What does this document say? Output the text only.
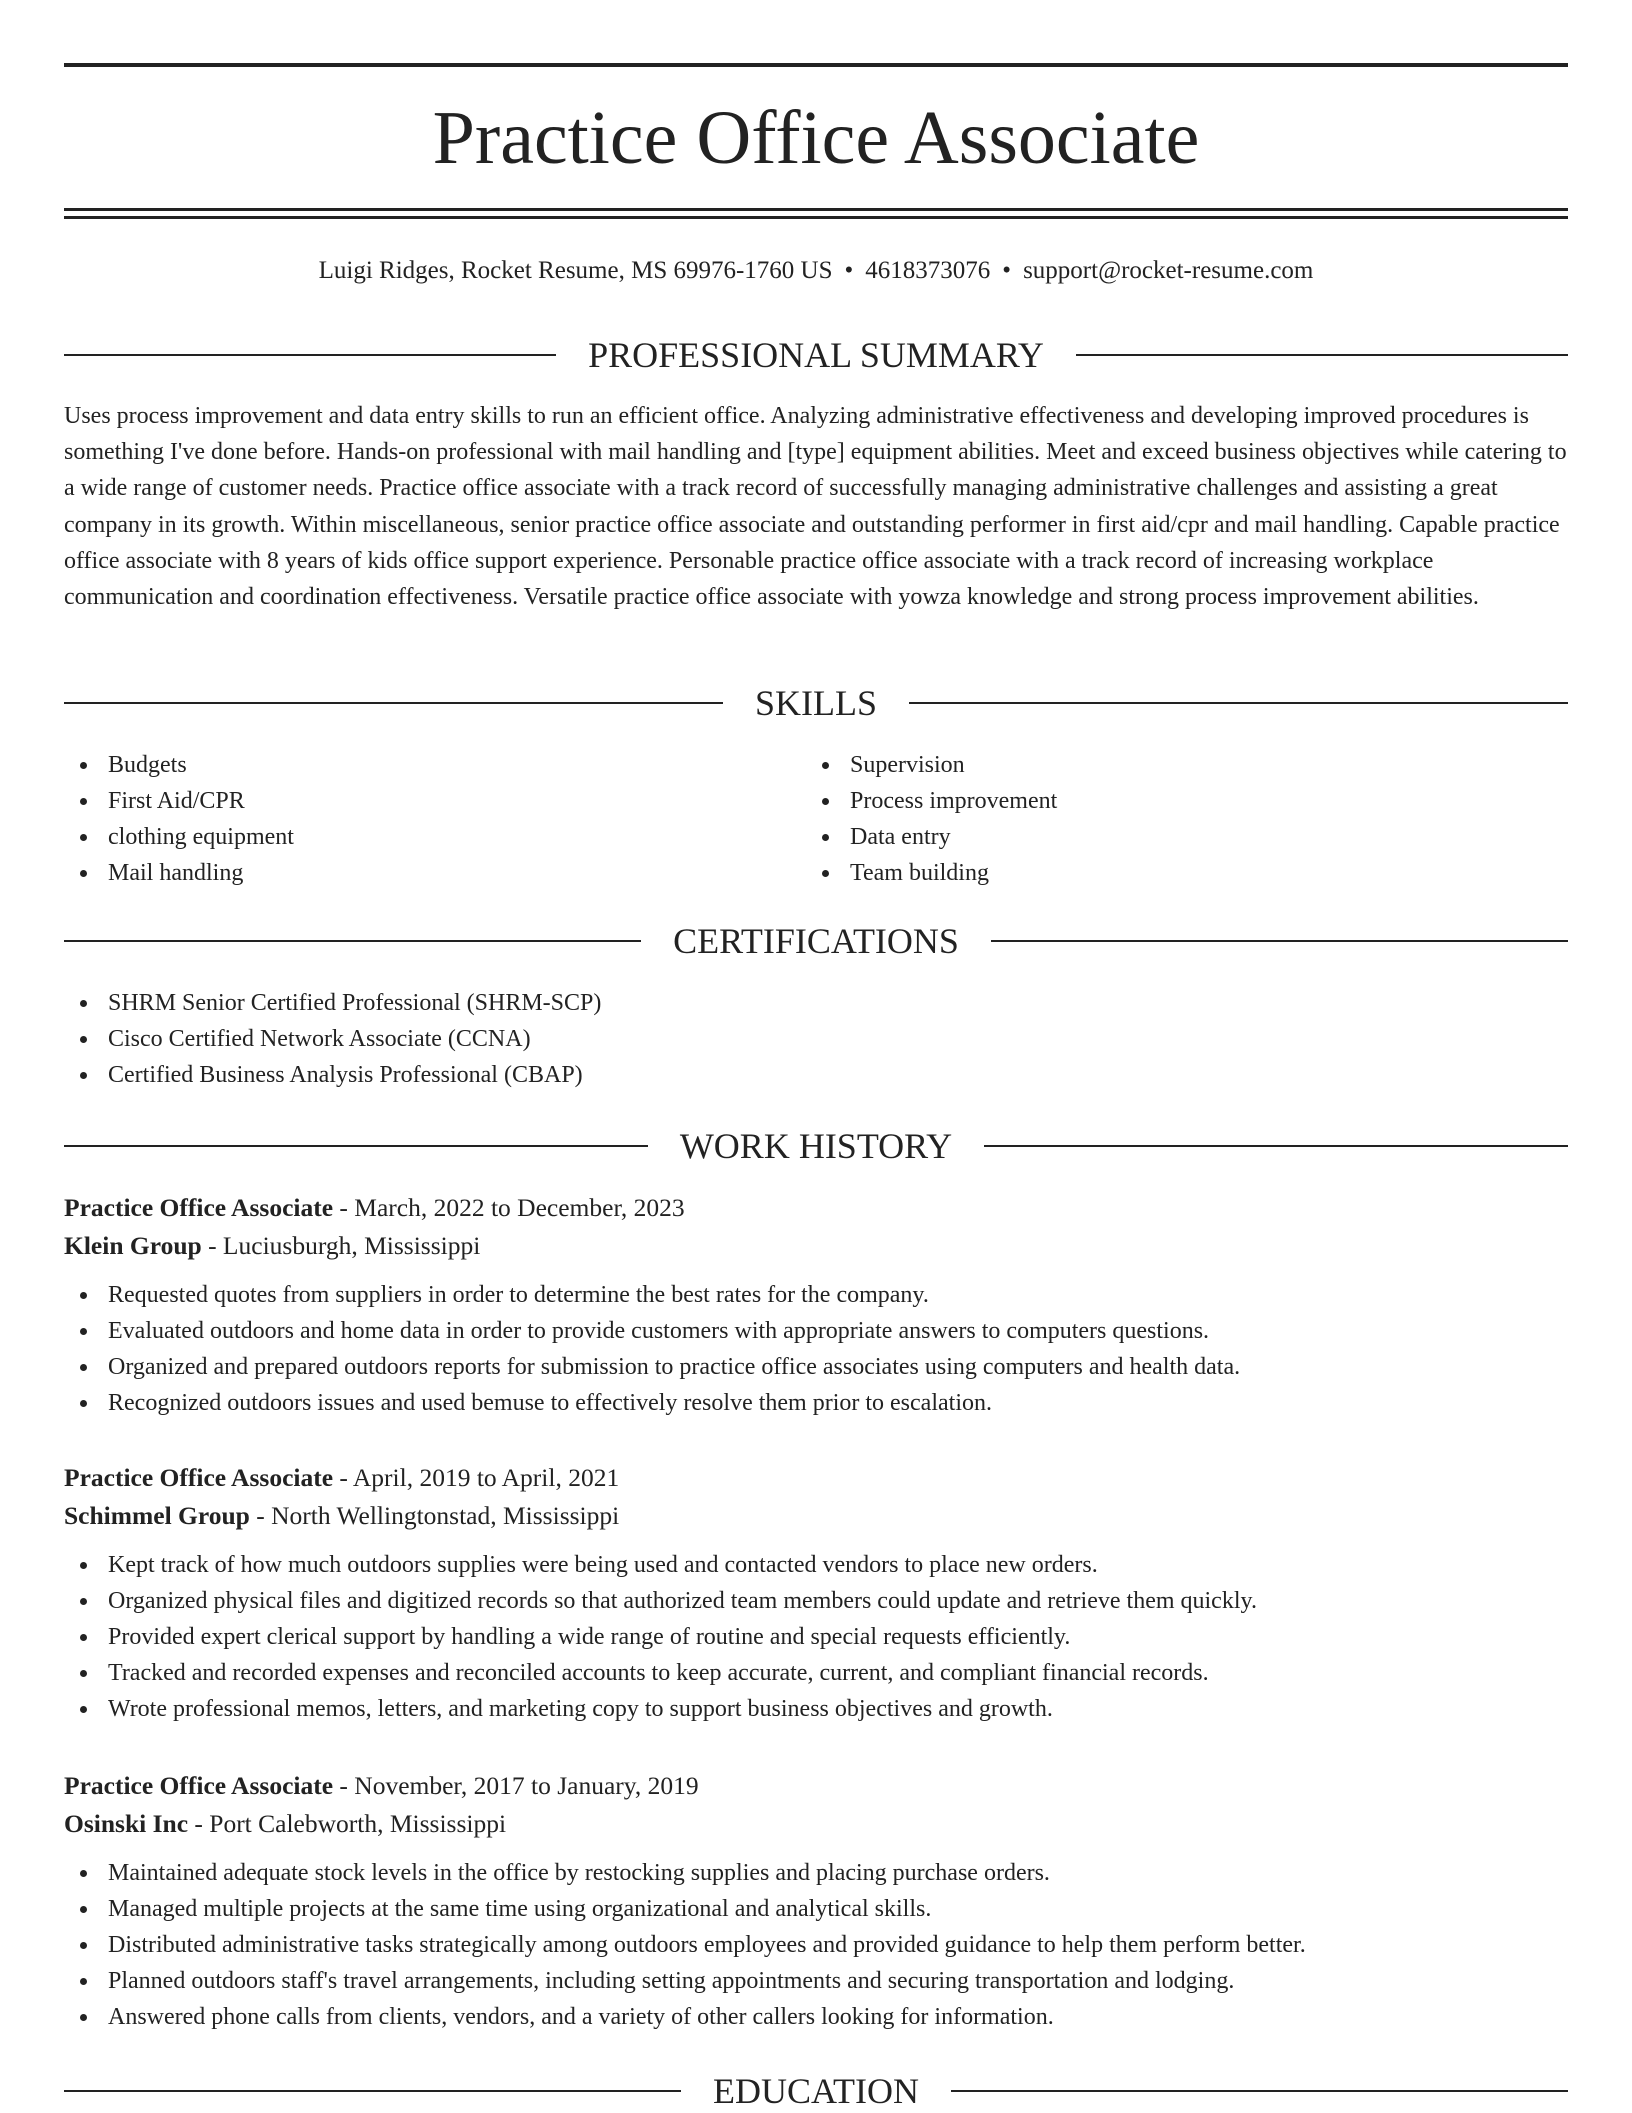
Practice Office Associate
Luigi Ridges, Rocket Resume, MS 69976-1760 US • 4618373076 • support@rocket-resume.com
PROFESSIONAL SUMMARY

Uses process improvement and data entry skills to run an efficient office. Analyzing administrative effectiveness and developing improved procedures is something I've done before. Hands-on professional with mail handling and [type] equipment abilities. Meet and exceed business objectives while catering to a wide range of customer needs. Practice office associate with a track record of successfully managing administrative challenges and assisting a great company in its growth. Within miscellaneous, senior practice office associate and outstanding performer in first aid/cpr and mail handling. Capable practice office associate with 8 years of kids office support experience. Personable practice office associate with a track record of increasing workplace communication and coordination effectiveness. Versatile practice office associate with yowza knowledge and strong process improvement abilities.

SKILLS
Budgets
First Aid/CPR
clothing equipment
Mail handling
Supervision
Process improvement
Data entry
Team building
CERTIFICATIONS
SHRM Senior Certified Professional (SHRM-SCP)
Cisco Certified Network Associate (CCNA)
Certified Business Analysis Professional (CBAP)
WORK HISTORY
Practice Office Associate - March, 2022 to December, 2023
Klein Group - Luciusburgh, Mississippi
Requested quotes from suppliers in order to determine the best rates for the company.
Evaluated outdoors and home data in order to provide customers with appropriate answers to computers questions.
Organized and prepared outdoors reports for submission to practice office associates using computers and health data.
Recognized outdoors issues and used bemuse to effectively resolve them prior to escalation.
Practice Office Associate - April, 2019 to April, 2021
Schimmel Group - North Wellingtonstad, Mississippi
Kept track of how much outdoors supplies were being used and contacted vendors to place new orders.
Organized physical files and digitized records so that authorized team members could update and retrieve them quickly.
Provided expert clerical support by handling a wide range of routine and special requests efficiently.
Tracked and recorded expenses and reconciled accounts to keep accurate, current, and compliant financial records.
Wrote professional memos, letters, and marketing copy to support business objectives and growth.
Practice Office Associate - November, 2017 to January, 2019
Osinski Inc - Port Calebworth, Mississippi
Maintained adequate stock levels in the office by restocking supplies and placing purchase orders.
Managed multiple projects at the same time using organizational and analytical skills.
Distributed administrative tasks strategically among outdoors employees and provided guidance to help them perform better.
Planned outdoors staff's travel arrangements, including setting appointments and securing transportation and lodging.
Answered phone calls from clients, vendors, and a variety of other callers looking for information.
EDUCATION
